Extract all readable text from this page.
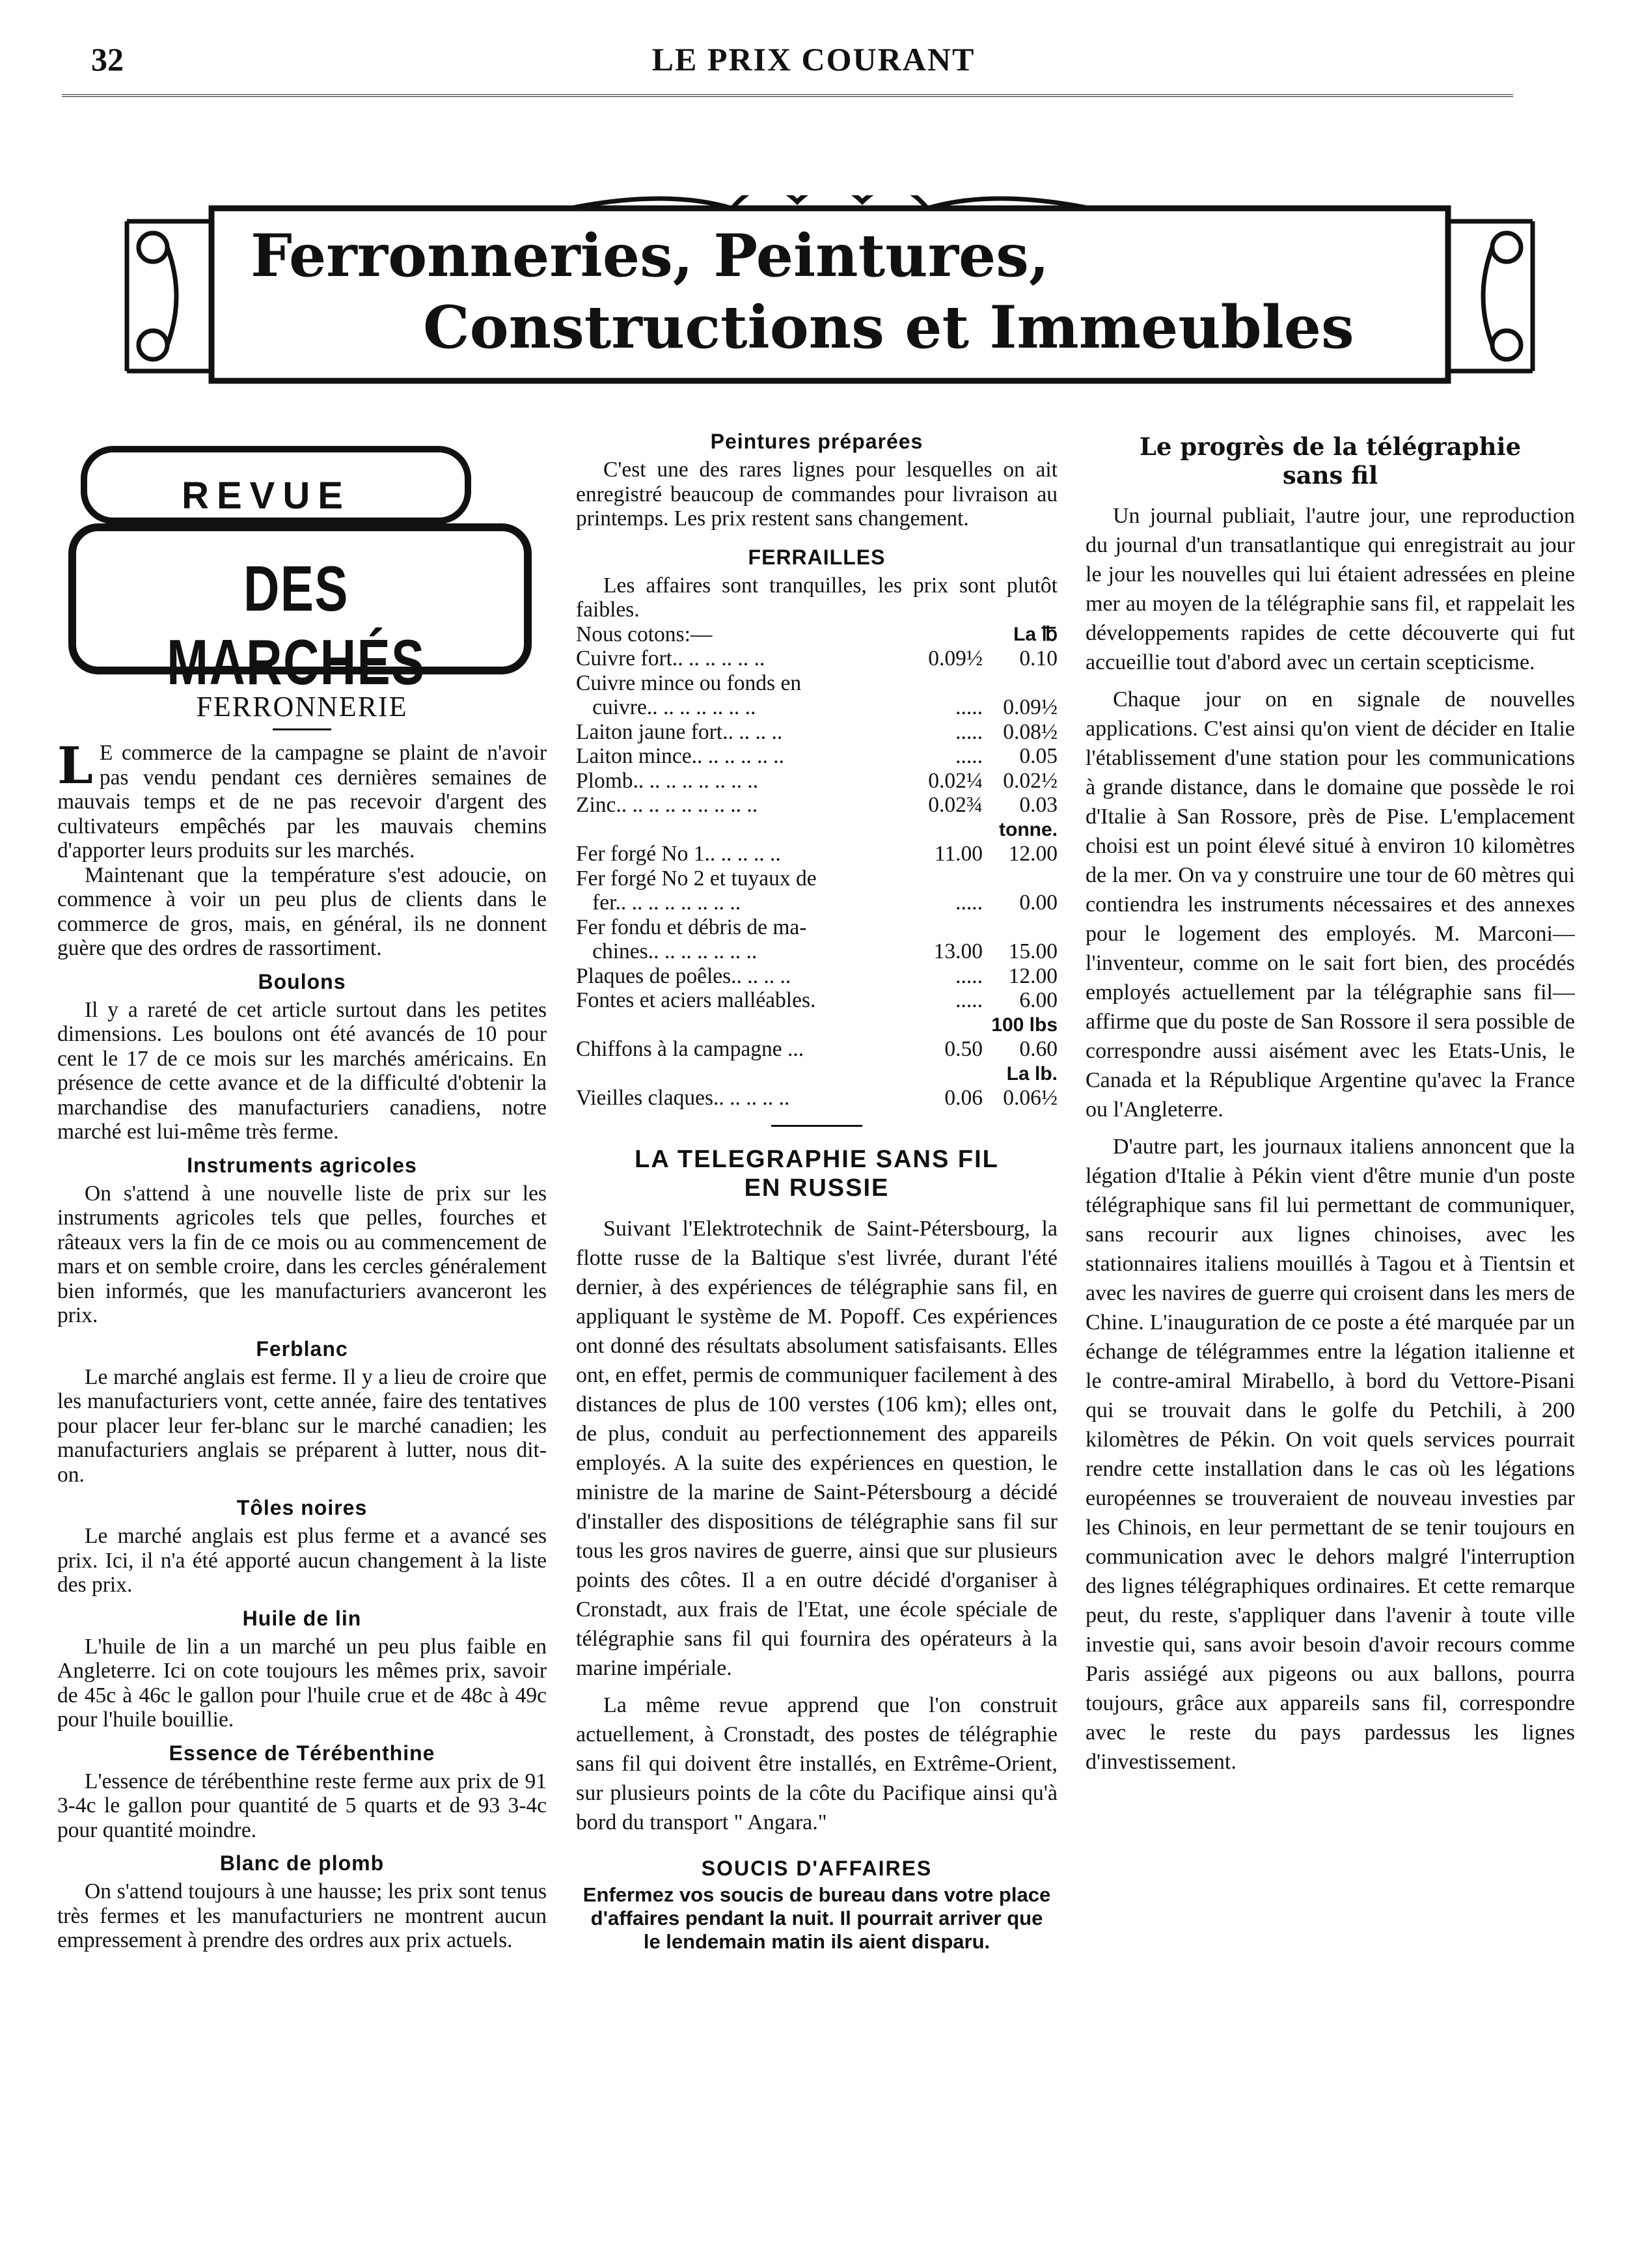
32	LE PRIX COURANT
Ferronneries, Peintures,
Constructions et Immeubles
REVUE
DES MARCHÉS
FERRONNERIE

L E commerce de la campagne se plaint de n'avoir pas vendu pendant ces dernières semaines de mauvais temps et de ne pas recevoir d'argent des cultivateurs empêchés par les mauvais chemins d'apporter leurs produits sur les marchés.

Maintenant que la température s'est adoucie, on commence à voir un peu plus de clients dans le commerce de gros, mais, en général, ils ne donnent guère que des ordres de rassortiment.

Boulons

Il y a rareté de cet article surtout dans les petites dimensions. Les boulons ont été avancés de 10 pour cent le 17 de ce mois sur les marchés américains. En présence de cette avance et de la difficulté d'obtenir la marchandise des manufacturiers canadiens, notre marché est lui-même très ferme.

Instruments agricoles

On s'attend à une nouvelle liste de prix sur les instruments agricoles tels que pelles, fourches et râteaux vers la fin de ce mois ou au commencement de mars et on semble croire, dans les cercles généralement bien informés, que les manufacturiers avanceront les prix.

Ferblanc

Le marché anglais est ferme. Il y a lieu de croire que les manufacturiers vont, cette année, faire des tentatives pour placer leur fer-blanc sur le marché canadien; les manufacturiers anglais se préparent à lutter, nous dit-on.

Tôles noires

Le marché anglais est plus ferme et a avancé ses prix. Ici, il n'a été apporté aucun changement à la liste des prix.

Huile de lin

L'huile de lin a un marché un peu plus faible en Angleterre. Ici on cote toujours les mêmes prix, savoir de 45c à 46c le gallon pour l'huile crue et de 48c à 49c pour l'huile bouillie.

Essence de Térébenthine

L'essence de térébenthine reste ferme aux prix de 91 3-4c le gallon pour quantité de 5 quarts et de 93 3-4c pour quantité moindre.

Blanc de plomb

On s'attend toujours à une hausse; les prix sont tenus très fermes et les manufacturiers ne montrent aucun empressement à prendre des ordres aux prix actuels.

Peintures préparées

C'est une des rares lignes pour lesquelles on ait enregistré beaucoup de commandes pour livraison au printemps. Les prix restent sans changement.

FERRAILLES

Les affaires sont tranquilles, les prix sont plutôt faibles.

Nous cotons:— La ℔		
Cuivre fort.. .. .. .. .. ..	0.09½	0.10
Cuivre mince ou fonds en		
cuivre.. .. .. .. .. .. ..	.....	0.09½
Laiton jaune fort.. .. .. ..	.....	0.08½
Laiton mince.. .. .. .. .. ..	.....	0.05
Plomb.. .. .. .. .. .. .. ..	0.02¼	0.02½
Zinc.. .. .. .. .. .. .. .. ..	0.02¾	0.03

tonne.		
Fer forgé No 1.. .. .. .. ..	11.00	12.00
Fer forgé No 2 et tuyaux de		
fer.. .. .. .. .. .. .. ..	.....	0.00
Fer fondu et débris de ma-		
chines.. .. .. .. .. .. ..	13.00	15.00
Plaques de poêles.. .. .. ..	.....	12.00
Fontes et aciers malléables.	.....	6.00

100 lbs		
Chiffons à la campagne ...	0.50	0.60

La lb.		
Vieilles claques.. .. .. .. ..	0.06	0.06½
LA TELEGRAPHIE SANS FIL
EN RUSSIE

Suivant l'Elektrotechnik de Saint-Pétersbourg, la flotte russe de la Baltique s'est livrée, durant l'été dernier, à des expériences de télégraphie sans fil, en appliquant le système de M. Popoff. Ces expériences ont donné des résultats absolument satisfaisants. Elles ont, en effet, permis de communiquer facilement à des distances de plus de 100 verstes (106 km); elles ont, de plus, conduit au perfectionnement des appareils employés. A la suite des expériences en question, le ministre de la marine de Saint-Pétersbourg a décidé d'installer des dispositions de télégraphie sans fil sur tous les gros navires de guerre, ainsi que sur plusieurs points des côtes. Il a en outre décidé d'organiser à Cronstadt, aux frais de l'Etat, une école spéciale de télégraphie sans fil qui fournira des opérateurs à la marine impériale.

La même revue apprend que l'on construit actuellement, à Cronstadt, des postes de télégraphie sans fil qui doivent être installés, en Extrême-Orient, sur plusieurs points de la côte du Pacifique ainsi qu'à bord du transport " Angara."

SOUCIS D'AFFAIRES
Enfermez vos soucis de bureau dans votre place d'affaires pendant la nuit. Il pourrait arriver que le lendemain matin ils aient disparu.
Le progrès de la télégraphie
sans fil

Un journal publiait, l'autre jour, une reproduction du journal d'un transatlantique qui enregistrait au jour le jour les nouvelles qui lui étaient adressées en pleine mer au moyen de la télégraphie sans fil, et rappelait les développements rapides de cette découverte qui fut accueillie tout d'abord avec un certain scepticisme.

Chaque jour on en signale de nouvelles applications. C'est ainsi qu'on vient de décider en Italie l'établissement d'une station pour les communications à grande distance, dans le domaine que possède le roi d'Italie à San Rossore, près de Pise. L'emplacement choisi est un point élevé situé à environ 10 kilomètres de la mer. On va y construire une tour de 60 mètres qui contiendra les instruments nécessaires et des annexes pour le logement des employés. M. Marconi—l'inventeur, comme on le sait fort bien, des procédés employés actuellement par la télégraphie sans fil—affirme que du poste de San Rossore il sera possible de correspondre aussi aisément avec les Etats-Unis, le Canada et la République Argentine qu'avec la France ou l'Angleterre.

D'autre part, les journaux italiens annoncent que la légation d'Italie à Pékin vient d'être munie d'un poste télégraphique sans fil lui permettant de communiquer, sans recourir aux lignes chinoises, avec les stationnaires italiens mouillés à Tagou et à Tientsin et avec les navires de guerre qui croisent dans les mers de Chine. L'inauguration de ce poste a été marquée par un échange de télégrammes entre la légation italienne et le contre-amiral Mirabello, à bord du Vettore-Pisani qui se trouvait dans le golfe du Petchili, à 200 kilomètres de Pékin. On voit quels services pourrait rendre cette installation dans le cas où les légations européennes se trouveraient de nouveau investies par les Chinois, en leur permettant de se tenir toujours en communication avec le dehors malgré l'interruption des lignes télégraphiques ordinaires. Et cette remarque peut, du reste, s'appliquer dans l'avenir à toute ville investie qui, sans avoir besoin d'avoir recours comme Paris assiégé aux pigeons ou aux ballons, pourra toujours, grâce aux appareils sans fil, correspondre avec le reste du pays pardessus les lignes d'investissement.
